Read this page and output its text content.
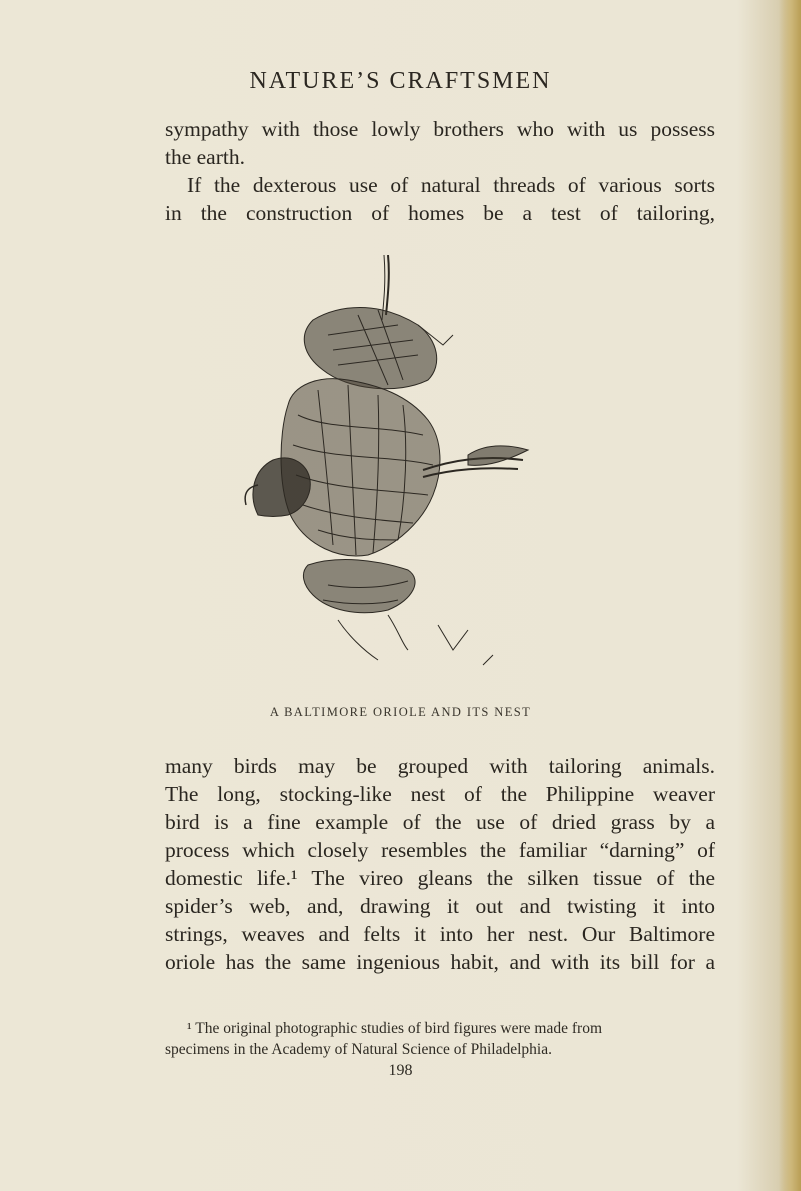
NATURE’S CRAFTSMEN
sympathy with those lowly brothers who with us possess
the earth.
If the dexterous use of natural threads of various sorts
in the construction of homes be a test of tailoring,
A BALTIMORE ORIOLE AND ITS NEST
many birds may be grouped with tailoring animals.
The long, stocking-like nest of the Philippine weaver
bird is a fine example of the use of dried grass by a
process which closely resembles the familiar “darning” of
domestic life.¹ The vireo gleans the silken tissue of the
spider’s web, and, drawing it out and twisting it into
strings, weaves and felts it into her nest. Our Baltimore
oriole has the same ingenious habit, and with its bill for a
¹ The original photographic studies of bird figures were made from
specimens in the Academy of Natural Science of Philadelphia.
198
